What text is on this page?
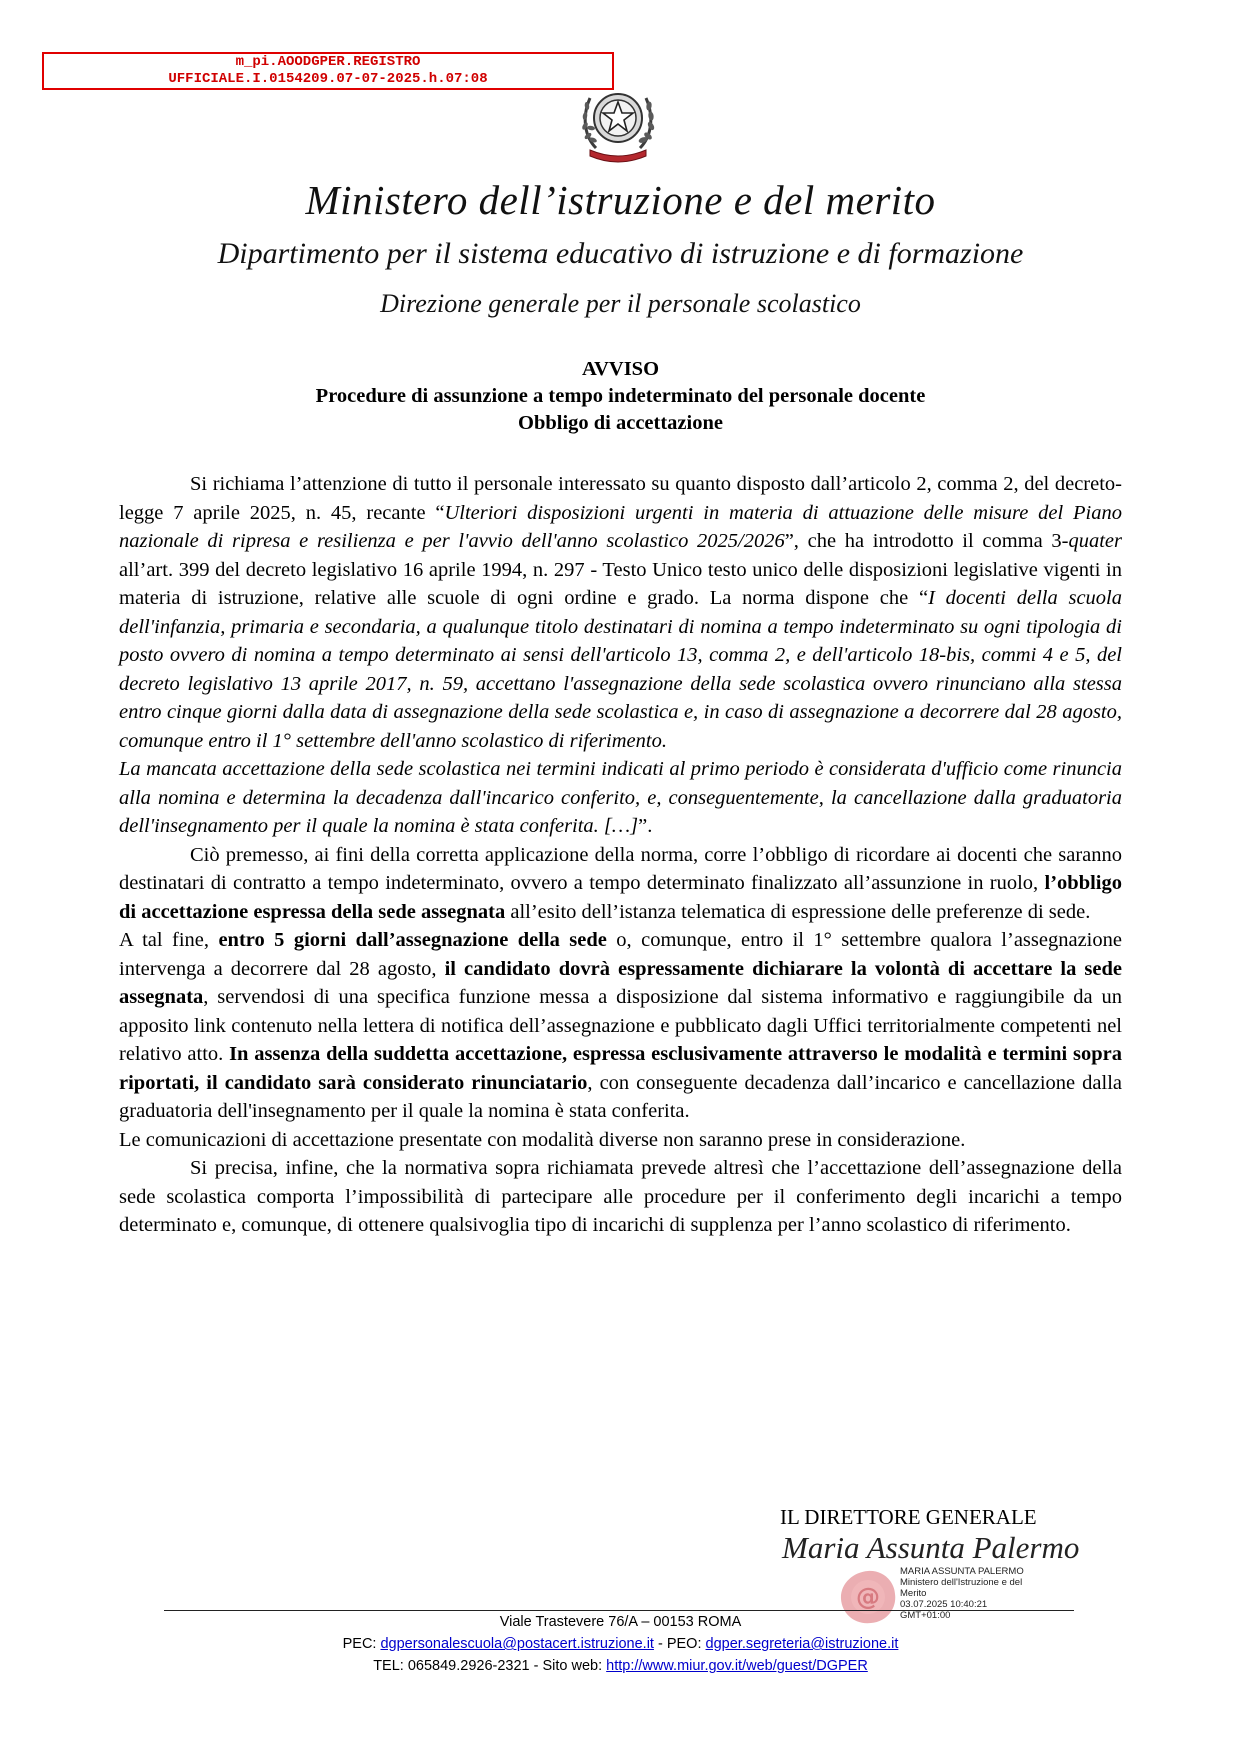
m_pi.AOODGPER.REGISTRO
UFFICIALE.I.0154209.07-07-2025.h.07:08
Ministero dell’istruzione e del merito
Dipartimento per il sistema educativo di istruzione e di formazione
Direzione generale per il personale scolastico
AVVISO
Procedure di assunzione a tempo indeterminato del personale docente
Obbligo di accettazione

Si richiama l’attenzione di tutto il personale interessato su quanto disposto dall’articolo 2, comma 2, del decreto-legge 7 aprile 2025, n. 45, recante “Ulteriori disposizioni urgenti in materia di attuazione delle misure del Piano nazionale di ripresa e resilienza e per l'avvio dell'anno scolastico 2025/2026”, che ha introdotto il comma 3-quater all’art. 399 del decreto legislativo 16 aprile 1994, n. 297 - Testo Unico testo unico delle disposizioni legislative vigenti in materia di istruzione, relative alle scuole di ogni ordine e grado. La norma dispone che “I docenti della scuola dell'infanzia, primaria e secondaria, a qualunque titolo destinatari di nomina a tempo indeterminato su ogni tipologia di posto ovvero di nomina a tempo determinato ai sensi dell'articolo 13, comma 2, e dell'articolo 18-bis, commi 4 e 5, del decreto legislativo 13 aprile 2017, n. 59, accettano l'assegnazione della sede scolastica ovvero rinunciano alla stessa entro cinque giorni dalla data di assegnazione della sede scolastica e, in caso di assegnazione a decorrere dal 28 agosto, comunque entro il 1° settembre dell'anno scolastico di riferimento.

La mancata accettazione della sede scolastica nei termini indicati al primo periodo è considerata d'ufficio come rinuncia alla nomina e determina la decadenza dall'incarico conferito, e, conseguentemente, la cancellazione dalla graduatoria dell'insegnamento per il quale la nomina è stata conferita. […]”.

Ciò premesso, ai fini della corretta applicazione della norma, corre l’obbligo di ricordare ai docenti che saranno destinatari di contratto a tempo indeterminato, ovvero a tempo determinato finalizzato all’assunzione in ruolo, l’obbligo di accettazione espressa della sede assegnata all’esito dell’istanza telematica di espressione delle preferenze di sede.

A tal fine, entro 5 giorni dall’assegnazione della sede o, comunque, entro il 1° settembre qualora l’assegnazione intervenga a decorrere dal 28 agosto, il candidato dovrà espressamente dichiarare la volontà di accettare la sede assegnata, servendosi di una specifica funzione messa a disposizione dal sistema informativo e raggiungibile da un apposito link contenuto nella lettera di notifica dell’assegnazione e pubblicato dagli Uffici territorialmente competenti nel relativo atto. In assenza della suddetta accettazione, espressa esclusivamente attraverso le modalità e termini sopra riportati, il candidato sarà considerato rinunciatario, con conseguente decadenza dall’incarico e cancellazione dalla graduatoria dell'insegnamento per il quale la nomina è stata conferita.

Le comunicazioni di accettazione presentate con modalità diverse non saranno prese in considerazione.

Si precisa, infine, che la normativa sopra richiamata prevede altresì che l’accettazione dell’assegnazione della sede scolastica comporta l’impossibilità di partecipare alle procedure per il conferimento degli incarichi a tempo determinato e, comunque, di ottenere qualsivoglia tipo di incarichi di supplenza per l’anno scolastico di riferimento.

IL DIRETTORE GENERALE
Maria Assunta Palermo
@
MARIA ASSUNTA PALERMO
Ministero dell'Istruzione e del
Merito
03.07.2025 10:40:21
GMT+01:00
Viale Trastevere 76/A – 00153 ROMA
PEC: dgpersonalescuola@postacert.istruzione.it - PEO: dgper.segreteria@istruzione.it
TEL: 065849.2926-2321 - Sito web: http://www.miur.gov.it/web/guest/DGPER
